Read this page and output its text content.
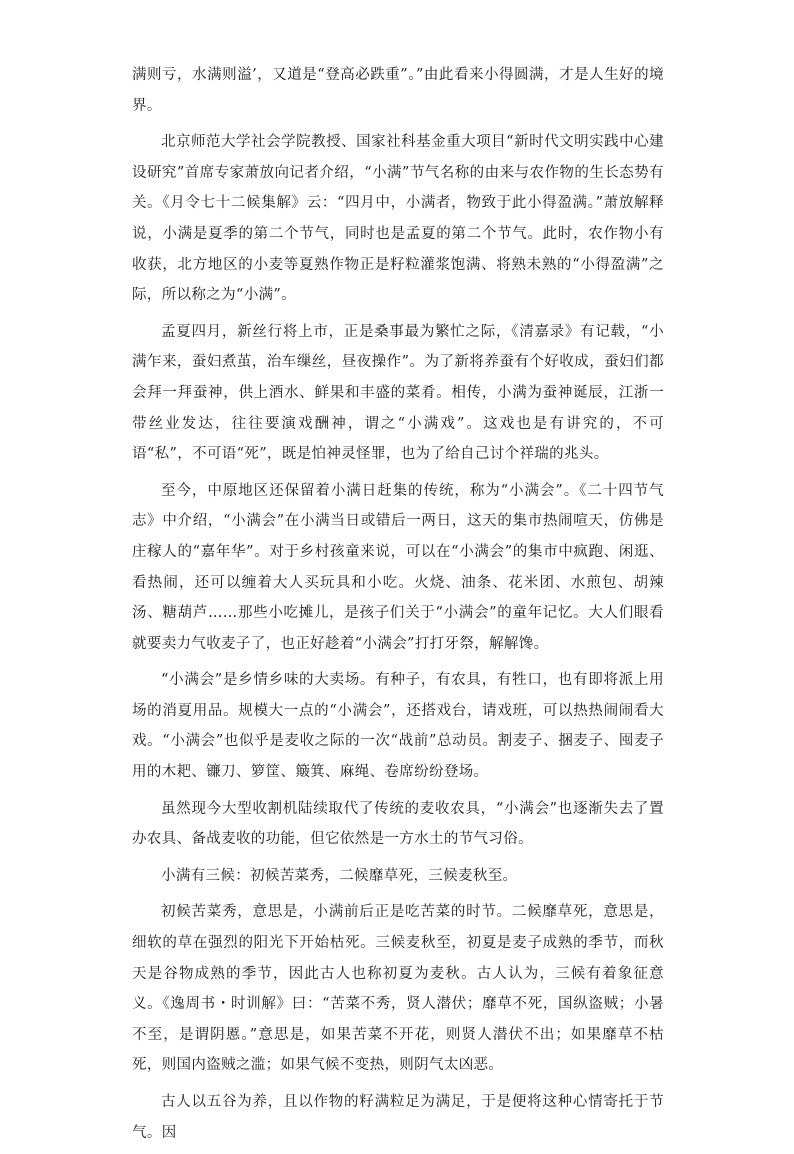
满则亏，水满则溢’，又道是“登高必跌重”。”由此看来小得圆满，才是人生好的境界。

北京师范大学社会学院教授、国家社科基金重大项目“新时代文明实践中心建设研究”首席专家萧放向记者介绍，“小满”节气名称的由来与农作物的生长态势有关。《月令七十二候集解》云：“四月中，小满者，物致于此小得盈满。”萧放解释说，小满是夏季的第二个节气，同时也是孟夏的第二个节气。此时，农作物小有收获，北方地区的小麦等夏熟作物正是籽粒灌浆饱满、将熟未熟的“小得盈满”之际，所以称之为“小满”。

孟夏四月，新丝行将上市，正是桑事最为繁忙之际，《清嘉录》有记载，“小满乍来，蚕妇煮茧，治车缫丝，昼夜操作”。为了新将养蚕有个好收成，蚕妇们都会拜一拜蚕神，供上酒水、鲜果和丰盛的菜肴。相传，小满为蚕神诞辰，江浙一带丝业发达，往往要演戏酬神，谓之“小满戏”。这戏也是有讲究的，不可语“私”，不可语“死”，既是怕神灵怪罪，也为了给自己讨个祥瑞的兆头。

至今，中原地区还保留着小满日赶集的传统，称为“小满会”。《二十四节气志》中介绍，“小满会”在小满当日或错后一两日，这天的集市热闹喧天，仿佛是庄稼人的“嘉年华”。对于乡村孩童来说，可以在“小满会”的集市中疯跑、闲逛、看热闹，还可以缠着大人买玩具和小吃。火烧、油条、花米团、水煎包、胡辣汤、糖葫芦……那些小吃摊儿，是孩子们关于“小满会”的童年记忆。大人们眼看就要卖力气收麦子了，也正好趁着“小满会”打打牙祭，解解馋。

“小满会”是乡情乡味的大卖场。有种子，有农具，有牲口，也有即将派上用场的消夏用品。规模大一点的“小满会”，还搭戏台，请戏班，可以热热闹闹看大戏。“小满会”也似乎是麦收之际的一次“战前”总动员。割麦子、捆麦子、囤麦子用的木耙、镰刀、箩筐、簸箕、麻绳、卷席纷纷登场。

虽然现今大型收割机陆续取代了传统的麦收农具，“小满会”也逐渐失去了置办农具、备战麦收的功能，但它依然是一方水土的节气习俗。

小满有三候：初候苦菜秀，二候靡草死，三候麦秋至。

初候苦菜秀，意思是，小满前后正是吃苦菜的时节。二候靡草死，意思是，细软的草在强烈的阳光下开始枯死。三候麦秋至，初夏是麦子成熟的季节，而秋天是谷物成熟的季节，因此古人也称初夏为麦秋。古人认为，三候有着象征意义。《逸周书・时训解》曰：“苦菜不秀，贤人潜伏；靡草不死，国纵盗贼；小暑不至，是谓阴慝。”意思是，如果苦菜不开花，则贤人潜伏不出；如果靡草不枯死，则国内盗贼之滥；如果气候不变热，则阴气太凶恶。

古人以五谷为养，且以作物的籽满粒足为满足，于是便将这种心情寄托于节气。因
